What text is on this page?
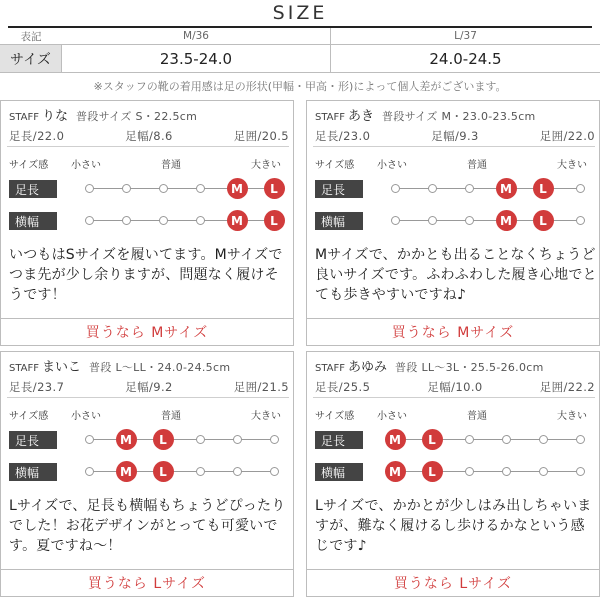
SIZE
表記	M/36	L/37
サイズ	23.5-24.0	24.0-24.5
※スタッフの靴の着用感は足の形状(甲幅・甲高・形)によって個人差がございます。
STAFF りな 普段サイズ S・22.5cm
足長/22.0	足幅/8.6	足囲/20.5
サイズ感 小さい	普通	大きい
足長	M	L
横幅	M	L
いつもはSサイズを履いてます。Mサイズでつま先が少し余りますが、問題なく履けそうです！
買うなら Mサイズ
STAFF あき 普段サイズ M・23.0-23.5cm
足長/23.0	足幅/9.3	足囲/22.0
サイズ感 小さい	普通	大きい
足長	M	L
横幅	M	L
Mサイズで、かかとも出ることなくちょうど良いサイズです。ふわふわした履き心地でとても歩きやすいですね♪
買うなら Mサイズ
STAFF まいこ 普段 L〜LL・24.0-24.5cm
足長/23.7	足幅/9.2	足囲/21.5
サイズ感 小さい	普通	大きい
足長	M	L
横幅	M	L
Lサイズで、足長も横幅もちょうどぴったりでした！お花デザインがとっても可愛いです。夏ですね〜！
買うなら Lサイズ
STAFF あゆみ 普段 LL〜3L・25.5-26.0cm
足長/25.5	足幅/10.0	足囲/22.2
サイズ感 小さい	普通	大きい
足長	M	L
横幅	M	L
Lサイズで、かかとが少しはみ出しちゃいますが、難なく履けるし歩けるかなという感じです♪
買うなら Lサイズ
